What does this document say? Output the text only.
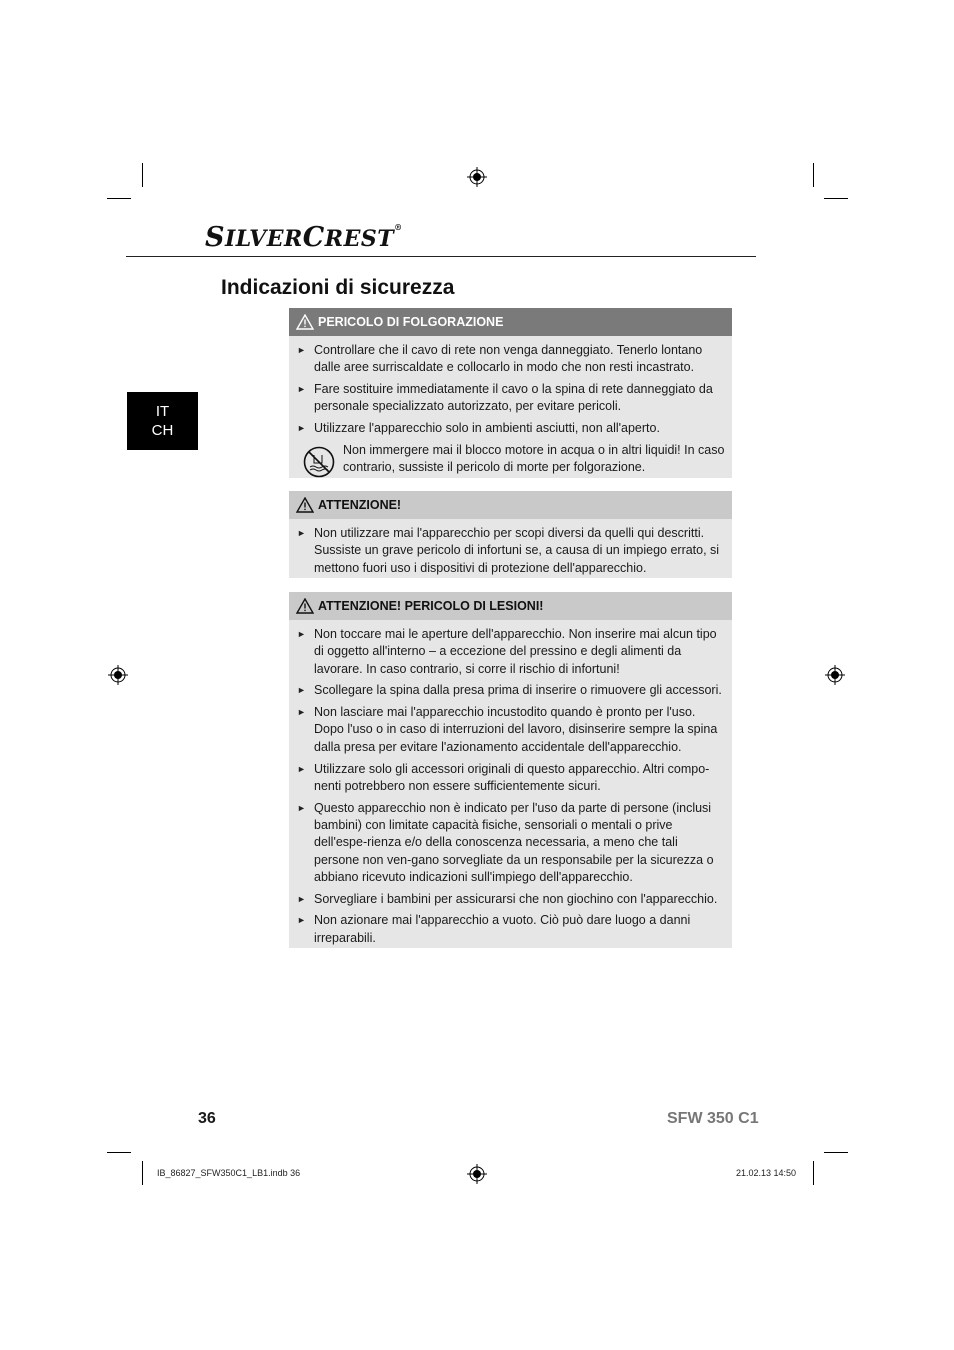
SILVERCREST®
Indicazioni di sicurezza
IT
CH
PERICOLO DI FOLGORAZIONE
► Controllare che il cavo di rete non venga danneggiato. Tenerlo lontano dalle aree surriscaldate e collocarlo in modo che non resti incastrato.
► Fare sostituire immediatamente il cavo o la spina di rete danneggiato da personale specializzato autorizzato, per evitare pericoli.
► Utilizzare l'apparecchio solo in ambienti asciutti, non all'aperto.
Non immergere mai il blocco motore in acqua o in altri liquidi! In caso contrario, sussiste il pericolo di morte per folgorazione.
ATTENZIONE!
► Non utilizzare mai l'apparecchio per scopi diversi da quelli qui descritti. Sussiste un grave pericolo di infortuni se, a causa di un impiego errato, si mettono fuori uso i dispositivi di protezione dell'apparecchio.
ATTENZIONE! PERICOLO DI LESIONI!
► Non toccare mai le aperture dell'apparecchio. Non inserire mai alcun tipo di oggetto all'interno – a eccezione del pressino e degli alimenti da lavorare. In caso contrario, si corre il rischio di infortuni!
► Scollegare la spina dalla presa prima di inserire o rimuovere gli accessori.
► Non lasciare mai l'apparecchio incustodito quando è pronto per l'uso. Dopo l'uso o in caso di interruzioni del lavoro, disinserire sempre la spina dalla presa per evitare l'azionamento accidentale dell'apparecchio.
► Utilizzare solo gli accessori originali di questo apparecchio. Altri compo-nenti potrebbero non essere sufficientemente sicuri.
► Questo apparecchio non è indicato per l'uso da parte di persone (inclusi bambini) con limitate capacità fisiche, sensoriali o mentali o prive dell'espe-rienza e/o della conoscenza necessaria, a meno che tali persone non ven-gano sorvegliate da un responsabile per la sicurezza o abbiano ricevuto indicazioni sull'impiego dell'apparecchio.
► Sorvegliare i bambini per assicurarsi che non giochino con l'apparecchio.
► Non azionare mai l'apparecchio a vuoto. Ciò può dare luogo a danni irreparabili.
36	SFW 350 C1
IB_86827_SFW350C1_LB1.indb 36	21.02.13 14:50
